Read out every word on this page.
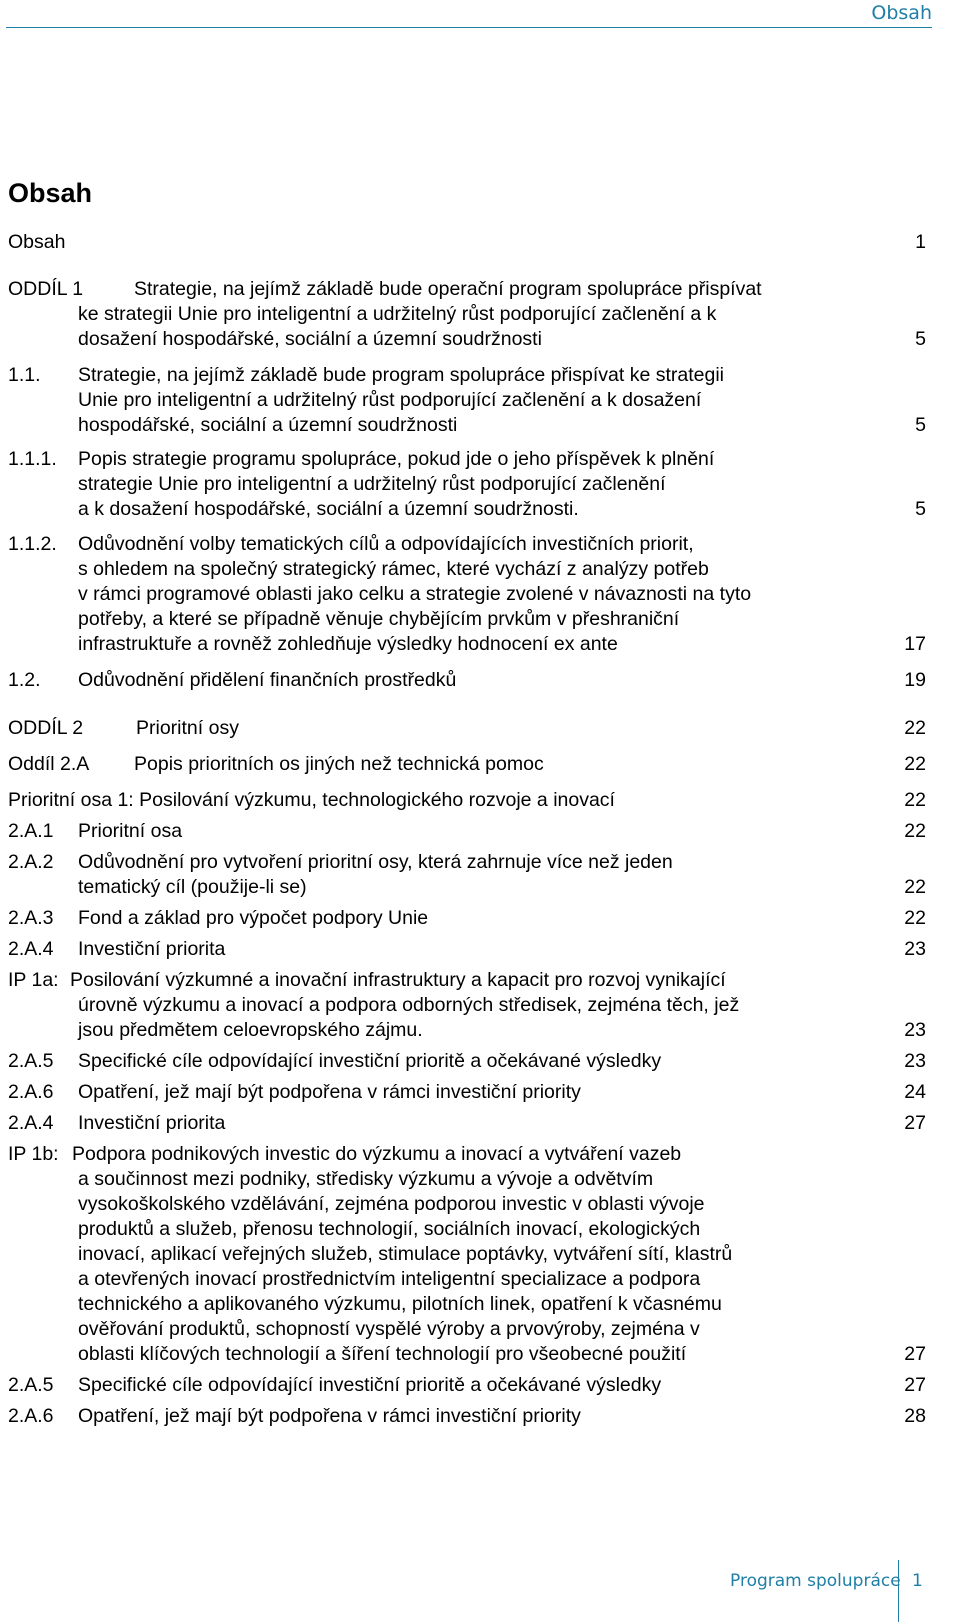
Obsah
Obsah
Obsah	1
ODDÍL 1	Strategie, na jejímž základě bude operační program spolupráce přispívat
ke strategii Unie pro inteligentní a udržitelný růst podporující začlenění a k
dosažení hospodářské, sociální a územní soudržnosti	5
1.1. Strategie, na jejímž základě bude program spolupráce přispívat ke strategii
Unie pro inteligentní a udržitelný růst podporující začlenění a k dosažení
hospodářské, sociální a územní soudržnosti	5
1.1.1. Popis strategie programu spolupráce, pokud jde o jeho příspěvek k plnění
strategie Unie pro inteligentní a udržitelný růst podporující začlenění
a k dosažení hospodářské, sociální a územní soudržnosti.	5
1.1.2. Odůvodnění volby tematických cílů a odpovídajících investičních priorit,
s ohledem na společný strategický rámec, které vychází z analýzy potřeb
v rámci programové oblasti jako celku a strategie zvolené v návaznosti na tyto
potřeby, a které se případně věnuje chybějícím prvkům v přeshraniční
infrastruktuře a rovněž zohledňuje výsledky hodnocení ex ante	17
1.2. Odůvodnění přidělení finančních prostředků	19
ODDÍL 2	Prioritní osy	22
Oddíl 2.A Popis prioritních os jiných než technická pomoc	22
Prioritní osa 1: Posilování výzkumu, technologického rozvoje a inovací	22
2.A.1 Prioritní osa	22
2.A.2 Odůvodnění pro vytvoření prioritní osy, která zahrnuje více než jeden
tematický cíl (použije-li se)	22
2.A.3 Fond a základ pro výpočet podpory Unie	22
2.A.4 Investiční priorita	23
IP 1a: Posilování výzkumné a inovační infrastruktury a kapacit pro rozvoj vynikající
úrovně výzkumu a inovací a podpora odborných středisek, zejména těch, jež
jsou předmětem celoevropského zájmu.	23
2.A.5 Specifické cíle odpovídající investiční prioritě a očekávané výsledky	23
2.A.6 Opatření, jež mají být podpořena v rámci investiční priority	24
2.A.4 Investiční priorita	27
IP 1b: Podpora podnikových investic do výzkumu a inovací a vytváření vazeb
a součinnost mezi podniky, středisky výzkumu a vývoje a odvětvím
vysokoškolského vzdělávání, zejména podporou investic v oblasti vývoje
produktů a služeb, přenosu technologií, sociálních inovací, ekologických
inovací, aplikací veřejných služeb, stimulace poptávky, vytváření sítí, klastrů
a otevřených inovací prostřednictvím inteligentní specializace a podpora
technického a aplikovaného výzkumu, pilotních linek, opatření k včasnému
ověřování produktů, schopností vyspělé výroby a prvovýroby, zejména v
oblasti klíčových technologií a šíření technologií pro všeobecné použití	27
2.A.5 Specifické cíle odpovídající investiční prioritě a očekávané výsledky	27
2.A.6 Opatření, jež mají být podpořena v rámci investiční priority	28
Program spolupráce 1
